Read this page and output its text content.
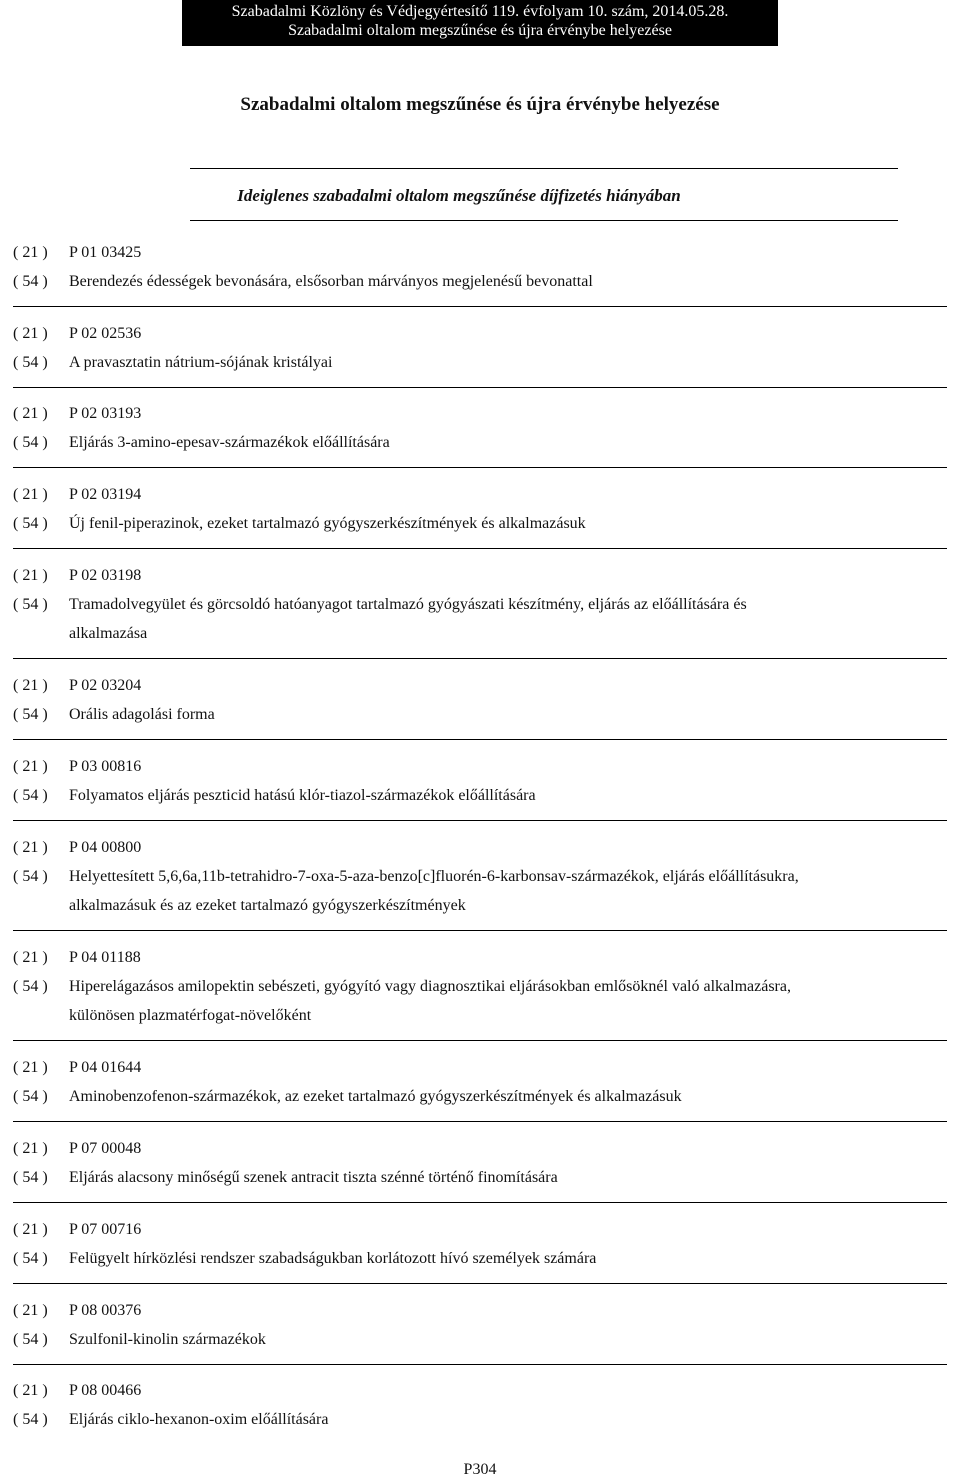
Szabadalmi Közlöny és Védjegyértesítő 119. évfolyam 10. szám, 2014.05.28.
Szabadalmi oltalom megszűnése és újra érvénybe helyezése
Szabadalmi oltalom megszűnése és újra érvénybe helyezése
Ideiglenes szabadalmi oltalom megszűnése díjfizetés hiányában
( 21 )	P 01 03425
( 54 )	Berendezés édességek bevonására, elsősorban márványos megjelenésű bevonattal
( 21 )	P 02 02536
( 54 )	A pravasztatin nátrium-sójának kristályai
( 21 )	P 02 03193
( 54 )	Eljárás 3-amino-epesav-származékok előállítására
( 21 )	P 02 03194
( 54 )	Új fenil-piperazinok, ezeket tartalmazó gyógyszerkészítmények és alkalmazásuk
( 21 )	P 02 03198
( 54 )	Tramadolvegyület és görcsoldó hatóanyagot tartalmazó gyógyászati készítmény, eljárás az előállítására és
alkalmazása
( 21 )	P 02 03204
( 54 )	Orális adagolási forma
( 21 )	P 03 00816
( 54 )	Folyamatos eljárás peszticid hatású klór-tiazol-származékok előállítására
( 21 )	P 04 00800
( 54 )	Helyettesített 5,6,6a,11b-tetrahidro-7-oxa-5-aza-benzo[c]fluorén-6-karbonsav-származékok, eljárás előállításukra,
alkalmazásuk és az ezeket tartalmazó gyógyszerkészítmények
( 21 )	P 04 01188
( 54 )	Hiperelágazásos amilopektin sebészeti, gyógyító vagy diagnosztikai eljárásokban emlősöknél való alkalmazásra,
különösen plazmatérfogat-növelőként
( 21 )	P 04 01644
( 54 )	Aminobenzofenon-származékok, az ezeket tartalmazó gyógyszerkészítmények és alkalmazásuk
( 21 )	P 07 00048
( 54 )	Eljárás alacsony minőségű szenek antracit tiszta szénné történő finomítására
( 21 )	P 07 00716
( 54 )	Felügyelt hírközlési rendszer szabadságukban korlátozott hívó személyek számára
( 21 )	P 08 00376
( 54 )	Szulfonil-kinolin származékok
( 21 )	P 08 00466
( 54 )	Eljárás ciklo-hexanon-oxim előállítására
P304
